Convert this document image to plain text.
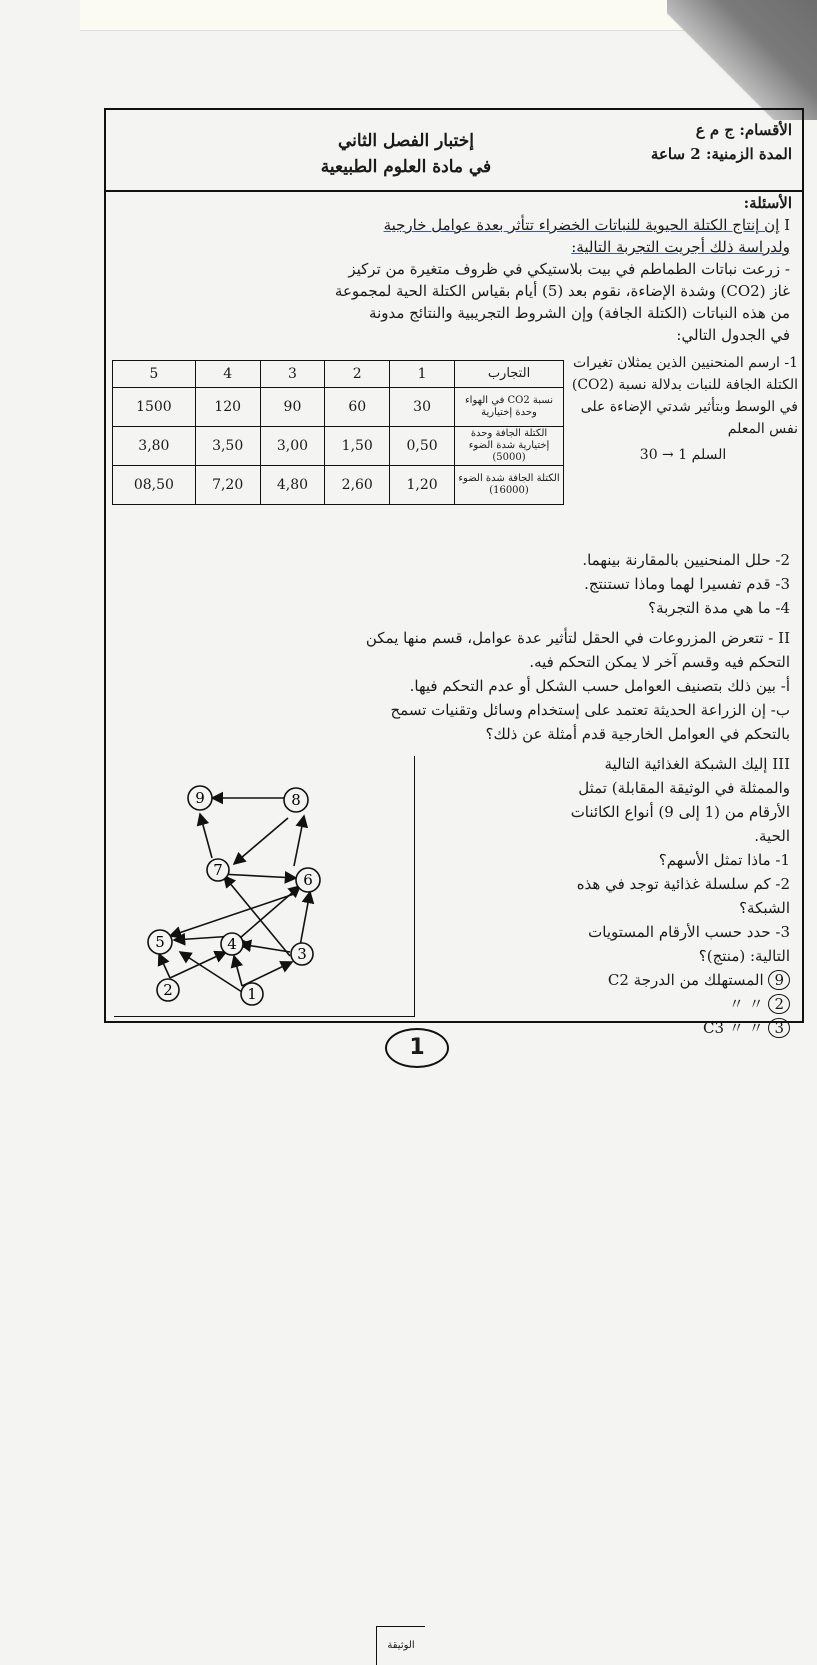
الأقسام: ج م ع
المدة الزمنية: 2 ساعة
إختبار الفصل الثاني
في مادة العلوم الطبيعية
الأسئلة:
I إن إنتاج الكتلة الحيوية للنباتات الخضراء تتأثر بعدة عوامل خارجية
ولدراسة ذلك أجريت التجربة التالية:
- زرعت نباتات الطماطم في بيت بلاستيكي في ظروف متغيرة من تركيز
غاز (CO2) وشدة الإضاءة، نقوم بعد (5) أيام بقياس الكتلة الحية لمجموعة
من هذه النباتات (الكتلة الجافة) وإن الشروط التجريبية والنتائج مدونة
في الجدول التالي:
5	4	3	2	1	التجارب
1500	120	90	60	30	نسبة CO2 في الهواء وحدة إختيارية
3,80	3,50	3,00	1,50	0,50	الكتلة الجافة وحدة إختيارية شدة الضوء (5000)
08,50	7,20	4,80	2,60	1,20	الكتلة الجافة شدة الضوء (16000)
1- ارسم المنحنيين الذين يمثلان تغيرات الكتلة الجافة للنبات بدلالة نسبة (CO2) في الوسط وبتأثير شدتي الإضاءة على نفس المعلم
السلم 1 → 30
2- حلل المنحنيين بالمقارنة بينهما.
3- قدم تفسيرا لهما وماذا تستنتج.
4- ما هي مدة التجربة؟
II - تتعرض المزروعات في الحقل لتأثير عدة عوامل، قسم منها يمكن
التحكم فيه وقسم آخر لا يمكن التحكم فيه.
أ- بين ذلك بتصنيف العوامل حسب الشكل أو عدم التحكم فيها.
ب- إن الزراعة الحديثة تعتمد على إستخدام وسائل وتقنيات تسمح
بالتحكم في العوامل الخارجية قدم أمثلة عن ذلك؟
III إليك الشبكة الغذائية التالية
والممثلة في الوثيقة المقابلة) تمثل
الأرقام من (1 إلى 9) أنواع الكائنات
الحية.
1- ماذا تمثل الأسهم؟
2- كم سلسلة غذائية توجد في هذه
الشبكة؟
3- حدد حسب الأرقام المستويات
التالية: (منتج)؟
9 المستهلك من الدرجة C2
2 〃 〃
3 〃 〃 C3
9	8
7
6
5	4
3
2	1
الوثيقة
1
